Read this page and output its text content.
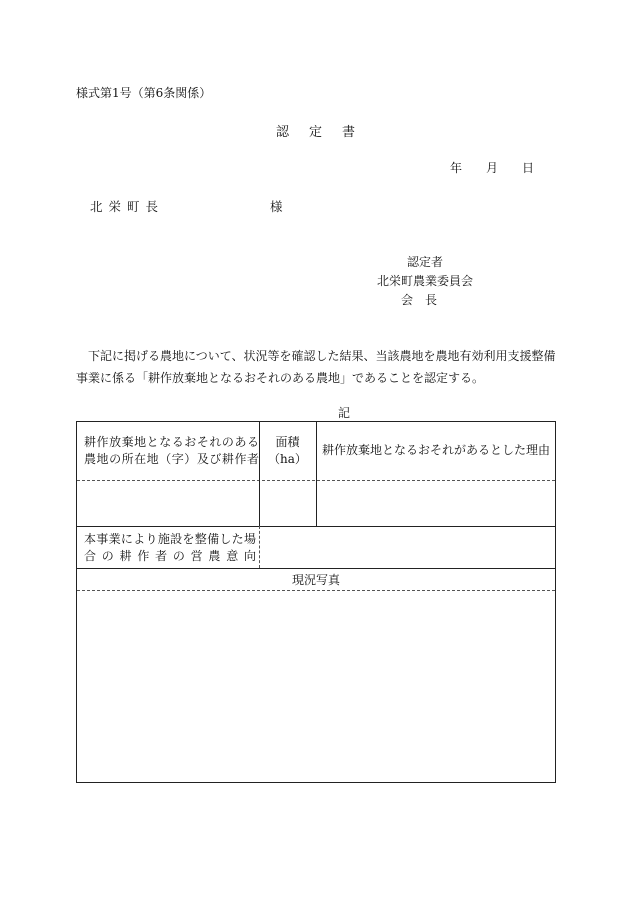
様式第1号（第6条関係）
認定書
年 月 日
北栄町長	様
認定者
北栄町農業委員会
会長
下記に掲げる農地について、状況等を確認した結果、当該農地を農地有効利用支援整備事業に係る「耕作放棄地となるおそれのある農地」であることを認定する。
記
耕作放棄地となるおそれのある
農地の所在地（字）及び耕作者
面積
（ha）
耕作放棄地となるおそれがあるとした理由
本事業により施設を整備した場
合の耕作者の営農意向
現況写真
